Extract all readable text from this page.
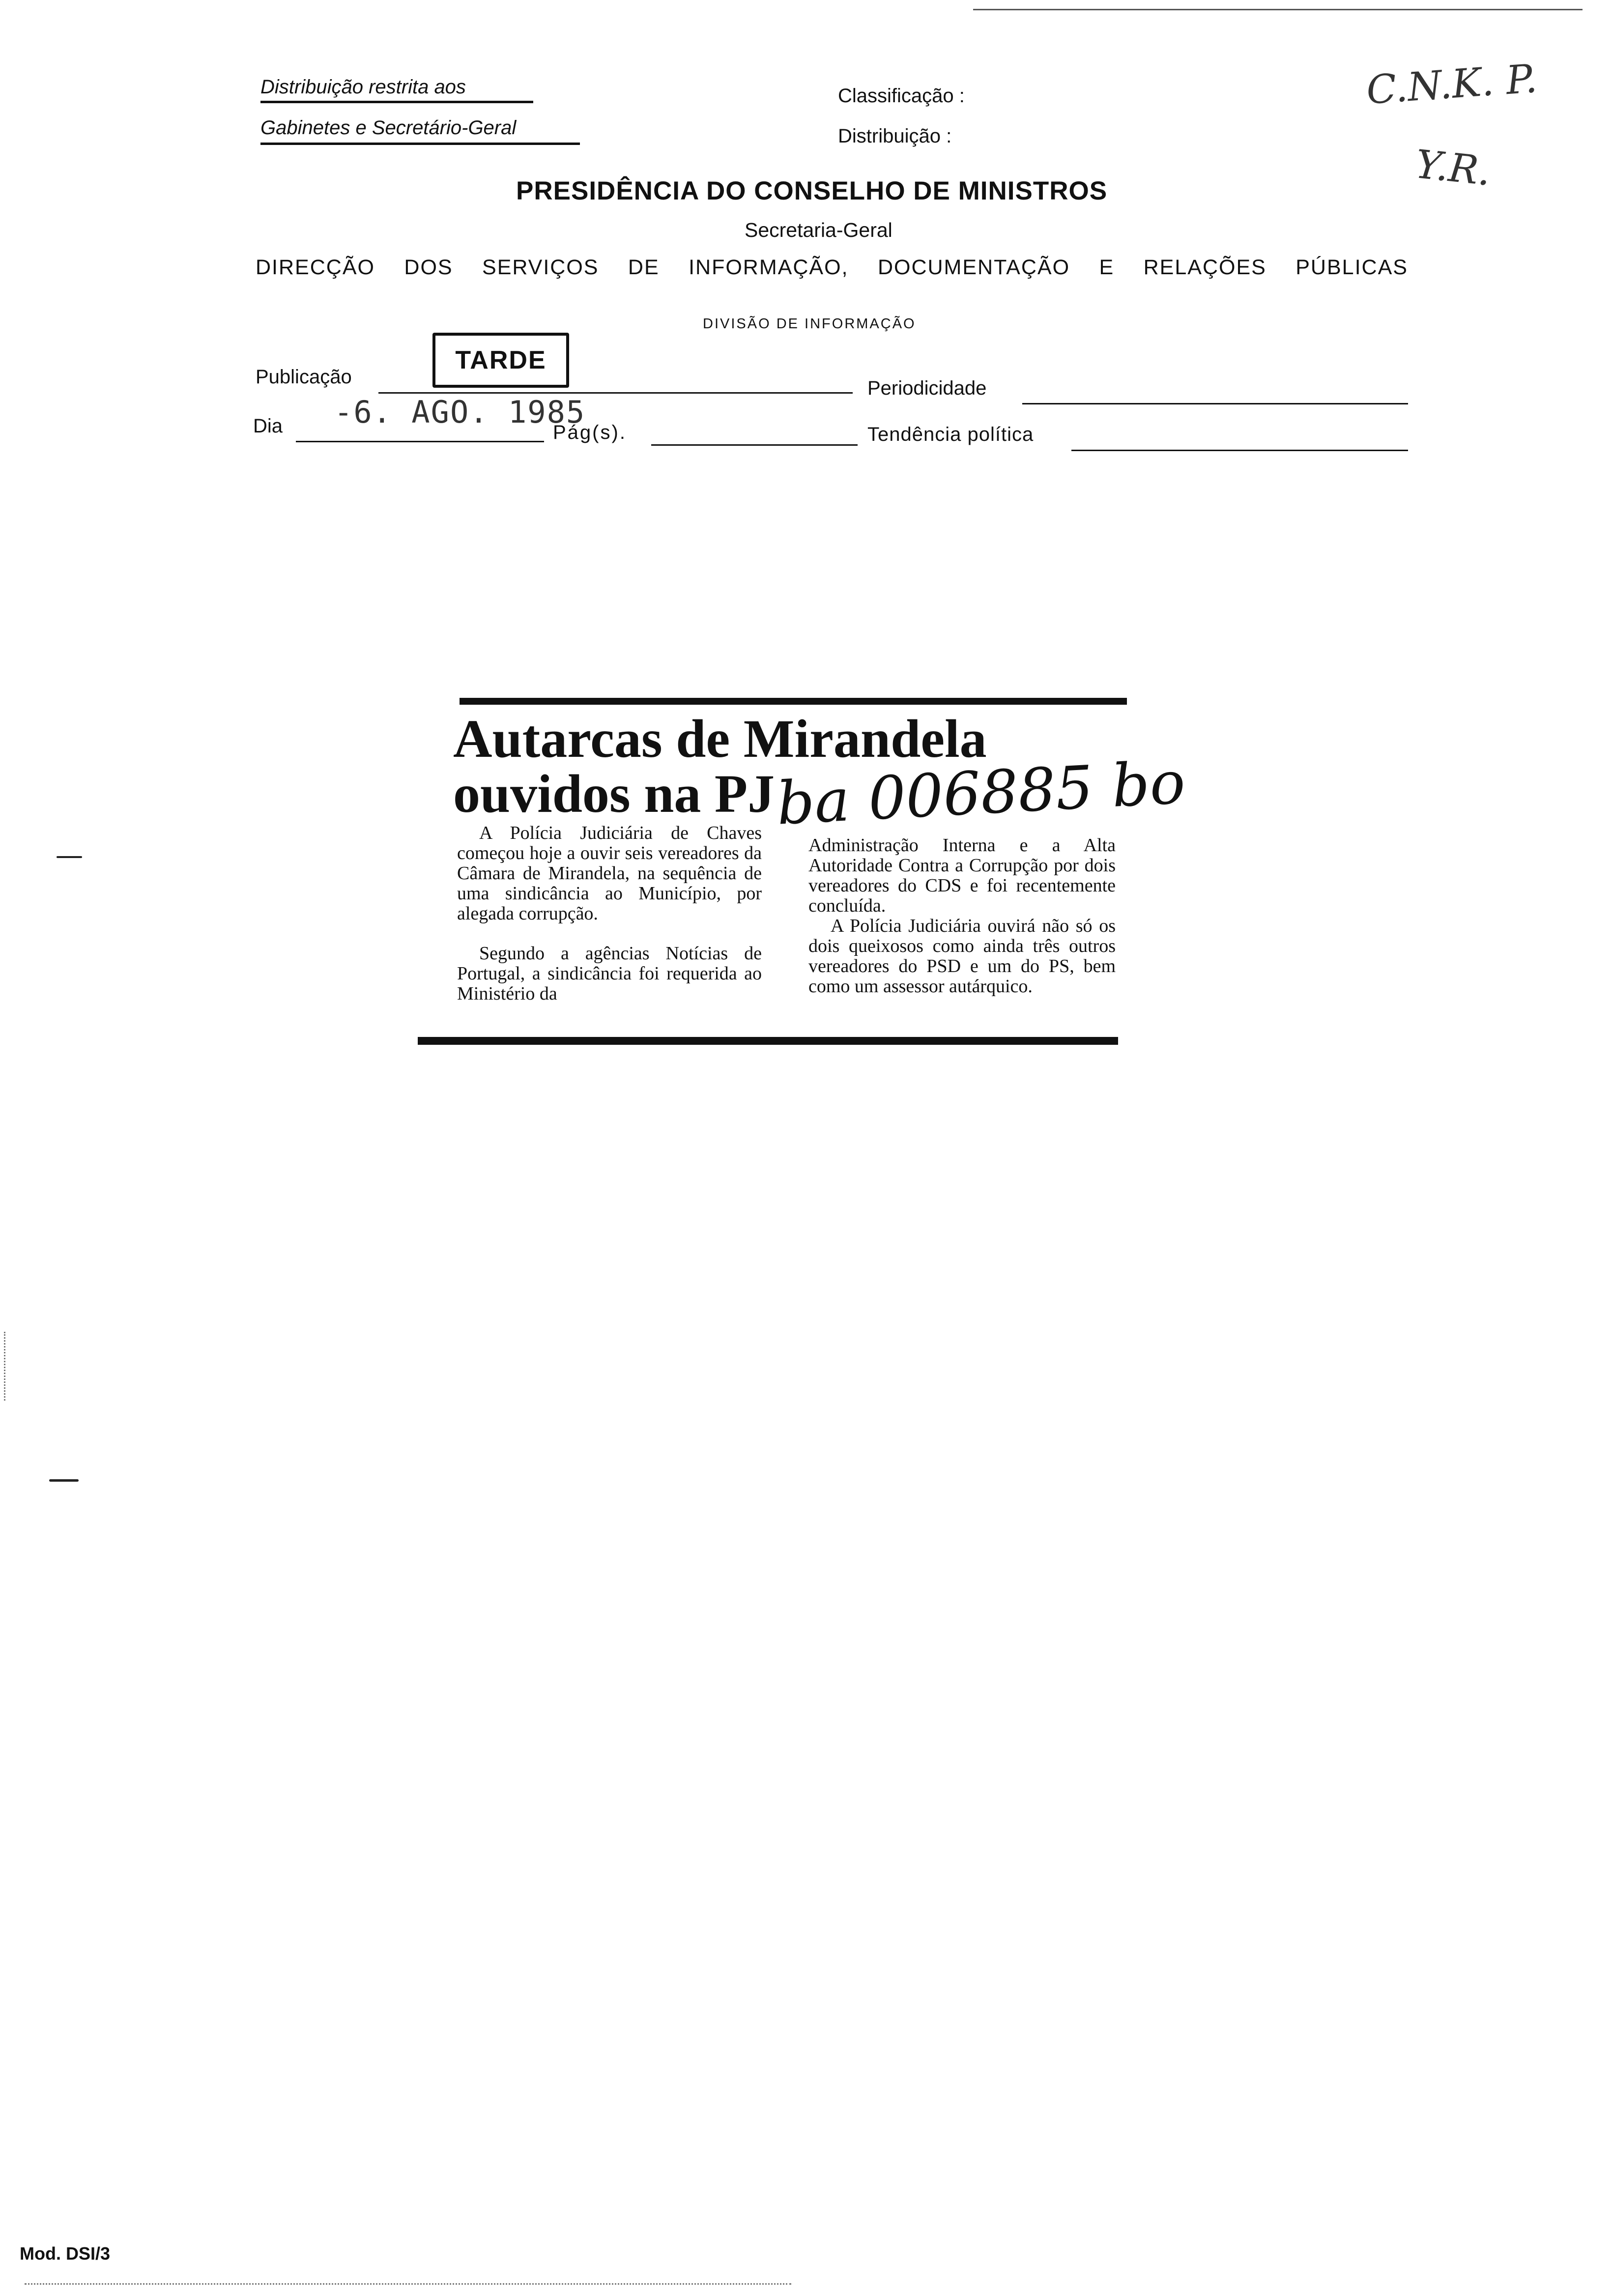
Distribuição restrita aos
Gabinetes e Secretário-Geral
Classificação :
Distribuição :
C.N.K. P.
Y.R.
PRESIDÊNCIA DO CONSELHO DE MINISTROS
Secretaria-Geral
DIRECÇÃO DOS SERVIÇOS DE INFORMAÇÃO, DOCUMENTAÇÃO E RELAÇÕES PÚBLICAS
DIVISÃO DE INFORMAÇÃO
Publicação
TARDE
Periodicidade
Dia -6. AGO. 1985
Pág(s).	Tendência política
Autarcas de Mirandela
ouvidos na PJ ba 006885 bo

A Polícia Judiciária de Chaves começou hoje a ouvir seis vereadores da Câmara de Mirandela, na sequência de uma sindicância ao Município, por alegada corrupção.

Segundo a agências Notícias de Portugal, a sindicância foi requerida ao Ministério da

Administração Interna e a Alta Autoridade Contra a Corrupção por dois vereadores do CDS e foi recentemente concluída.

A Polícia Judiciária ouvirá não só os dois queixosos como ainda três outros vereadores do PSD e um do PS, bem como um assessor autárquico.

Mod. DSI/3
